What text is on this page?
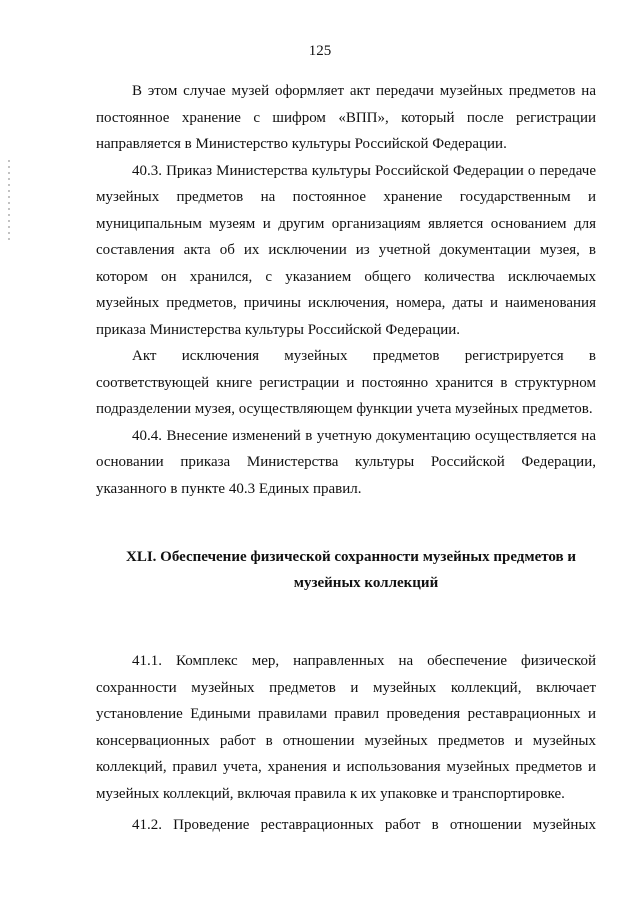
125

В этом случае музей оформляет акт передачи музейных предметов на постоянное хранение с шифром «ВПП», который после регистрации направляется в Министерство культуры Российской Федерации.

40.3. Приказ Министерства культуры Российской Федерации о передаче музейных предметов на постоянное хранение государственным и муниципальным музеям и другим организациям является основанием для составления акта об их исключении из учетной документации музея, в котором он хранился, с указанием общего количества исключаемых музейных предметов, причины исключения, номера, даты и наименования приказа Министерства культуры Российской Федерации.

Акт исключения музейных предметов регистрируется в соответствующей книге регистрации и постоянно хранится в структурном подразделении музея, осуществляющем функции учета музейных предметов.

40.4. Внесение изменений в учетную документацию осуществляется на основании приказа Министерства культуры Российской Федерации, указанного в пункте 40.3 Единых правил.

XLI. Обеспечение физической сохранности музейных предметов и
музейных коллекций

41.1. Комплекс мер, направленных на обеспечение физической сохранности музейных предметов и музейных коллекций, включает установление Едиными правилами правил проведения реставрационных и консервационных работ в отношении музейных предметов и музейных коллекций, правил учета, хранения и использования музейных предметов и музейных коллекций, включая правила к их упаковке и транспортировке.

41.2. Проведение реставрационных работ в отношении музейных
